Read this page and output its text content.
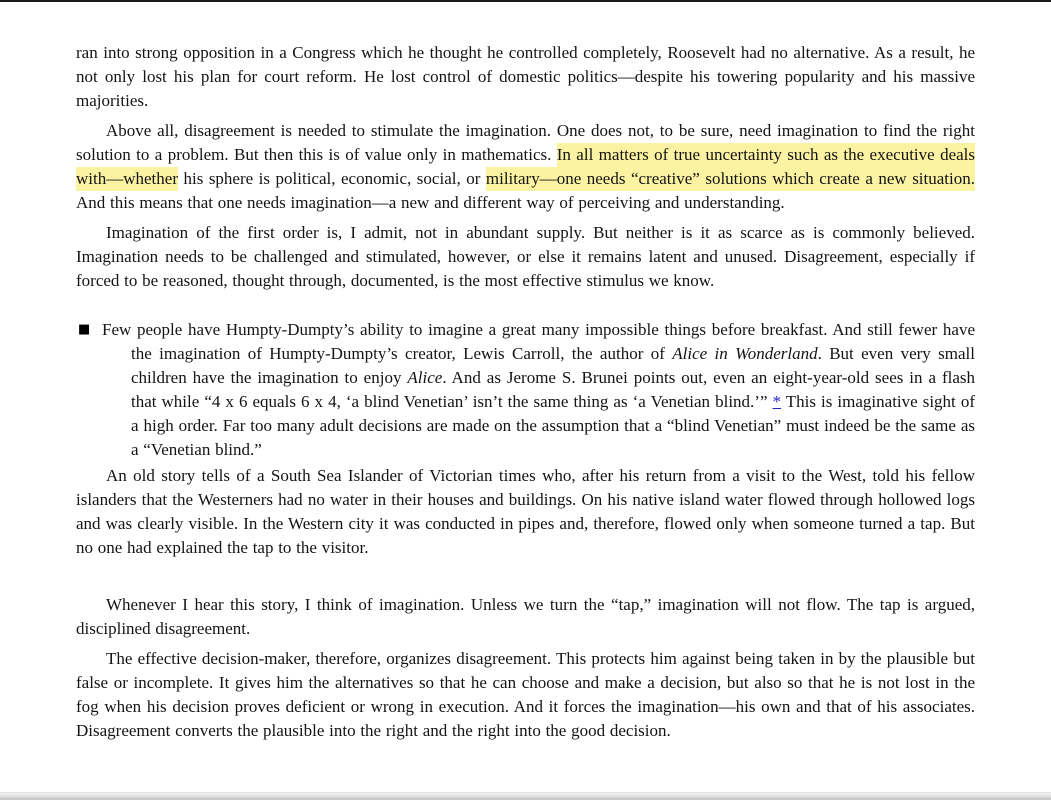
ran into strong opposition in a Congress which he thought he controlled completely, Roosevelt had no alternative. As a result, he not only lost his plan for court reform. He lost control of domestic politics—despite his towering popularity and his massive majorities.

Above all, disagreement is needed to stimulate the imagination. One does not, to be sure, need imagination to find the right solution to a problem. But then this is of value only in mathematics. In all matters of true uncertainty such as the executive deals with—whether his sphere is political, economic, social, or military—one needs “creative” solutions which create a new situation. And this means that one needs imagination—a new and different way of perceiving and understanding.

Imagination of the first order is, I admit, not in abundant supply. But neither is it as scarce as is commonly believed. Imagination needs to be challenged and stimulated, however, or else it remains latent and unused. Disagreement, especially if forced to be reasoned, thought through, documented, is the most effective stimulus we know.

■ Few people have Humpty-Dumpty’s ability to imagine a great many impossible things before breakfast. And still fewer have the imagination of Humpty-Dumpty’s creator, Lewis Carroll, the author of Alice in Wonderland. But even very small children have the imagination to enjoy Alice. And as Jerome S. Brunei points out, even an eight-year-old sees in a flash that while “4 x 6 equals 6 x 4, ‘a blind Venetian’ isn’t the same thing as ‘a Venetian blind.’” * This is imaginative sight of a high order. Far too many adult decisions are made on the assumption that a “blind Venetian” must indeed be the same as a “Venetian blind.”

An old story tells of a South Sea Islander of Victorian times who, after his return from a visit to the West, told his fellow islanders that the Westerners had no water in their houses and buildings. On his native island water flowed through hollowed logs and was clearly visible. In the Western city it was conducted in pipes and, therefore, flowed only when someone turned a tap. But no one had explained the tap to the visitor.

Whenever I hear this story, I think of imagination. Unless we turn the “tap,” imagination will not flow. The tap is argued, disciplined disagreement.

The effective decision-maker, therefore, organizes disagreement. This protects him against being taken in by the plausible but false or incomplete. It gives him the alternatives so that he can choose and make a decision, but also so that he is not lost in the fog when his decision proves deficient or wrong in execution. And it forces the imagination—his own and that of his associates. Disagreement converts the plausible into the right and the right into the good decision.
